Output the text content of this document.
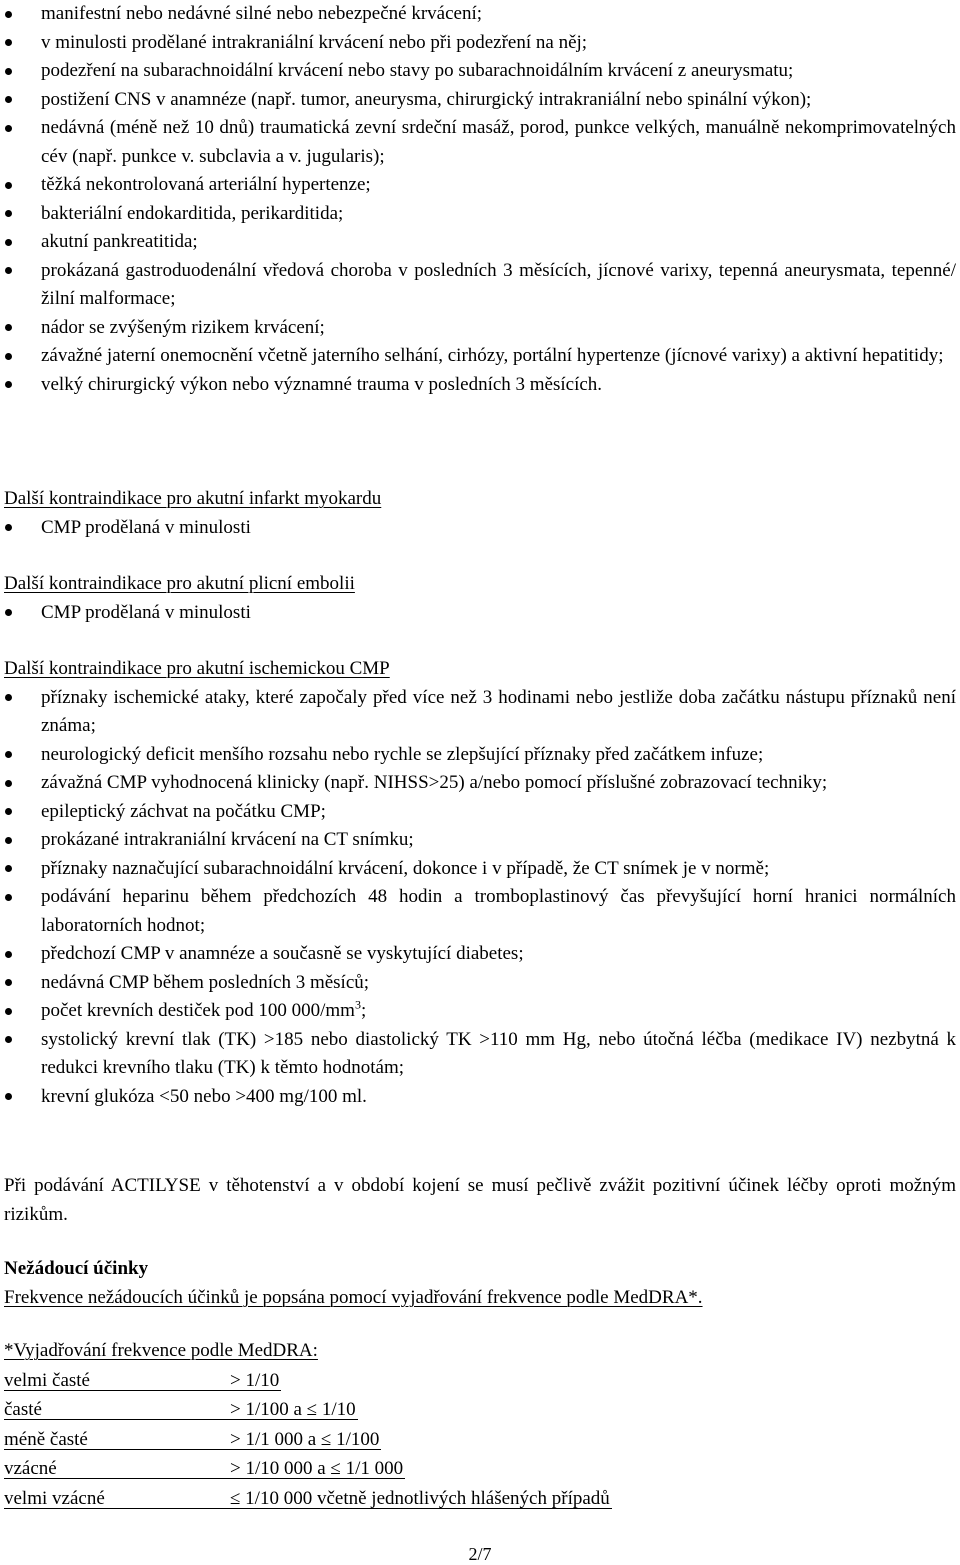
manifestní nebo nedávné silné nebo nebezpečné krvácení;
v minulosti prodělané intrakraniální krvácení nebo při podezření na něj;
podezření na subarachnoidální krvácení nebo stavy po subarachnoidálním krvácení z aneurysmatu;
postižení CNS v anamnéze (např. tumor, aneurysma, chirurgický intrakraniální nebo spinální výkon);
nedávná (méně než 10 dnů) traumatická zevní srdeční masáž, porod, punkce velkých, manuálně nekomprimovatelných cév (např. punkce v. subclavia a v. jugularis);
těžká nekontrolovaná arteriální hypertenze;
bakteriální endokarditida, perikarditida;
akutní pankreatitida;
prokázaná gastroduodenální vředová choroba v posledních 3 měsících, jícnové varixy, tepenná aneurysmata, tepenné/žilní malformace;
nádor se zvýšeným rizikem krvácení;
závažné jaterní onemocnění včetně jaterního selhání, cirhózy, portální hypertenze (jícnové varixy) a aktivní hepatitidy;
velký chirurgický výkon nebo významné trauma v posledních 3 měsících.
Další kontraindikace pro akutní infarkt myokardu
CMP prodělaná v minulosti
Další kontraindikace pro akutní plicní embolii
CMP prodělaná v minulosti
Další kontraindikace pro akutní ischemickou CMP
příznaky ischemické ataky, které započaly před více než 3 hodinami nebo jestliže doba začátku nástupu příznaků není známa;
neurologický deficit menšího rozsahu nebo rychle se zlepšující příznaky před začátkem infuze;
závažná CMP vyhodnocená klinicky (např. NIHSS>25) a/nebo pomocí příslušné zobrazovací techniky;
epileptický záchvat na počátku CMP;
prokázané intrakraniální krvácení na CT snímku;
příznaky naznačující subarachnoidální krvácení, dokonce i v případě, že CT snímek je v normě;
podávání heparinu během předchozích 48 hodin a tromboplastinový čas převyšující horní hranici normálních laboratorních hodnot;
předchozí CMP v anamnéze a současně se vyskytující diabetes;
nedávná CMP během posledních 3 měsíců;
počet krevních destiček pod 100 $000/mm^3$;
systolický krevní tlak (TK) >185 nebo diastolický TK >110 mm Hg, nebo útočná léčba (medikace IV) nezbytná k redukci krevního tlaku (TK) k těmto hodnotám;
krevní glukóza <50 nebo >400 mg/100 ml.
Při podávání ACTILYSE v těhotenství a v období kojení se musí pečlivě zvážit pozitivní účinek léčby oproti možným rizikům.
Nežádoucí účinky
Frekvence nežádoucích účinků je popsána pomocí vyjadřování frekvence podle MedDRA*.
*Vyjadřování frekvence podle MedDRA:
velmi časté	> 1/10
časté	> 1/100 a ≤ 1/10
méně časté	> 1/1 000 a ≤ 1/100
vzácné	> 1/10 000 a ≤ 1/1 000
velmi vzácné	≤ 1/10 000 včetně jednotlivých hlášených případů
2/7
